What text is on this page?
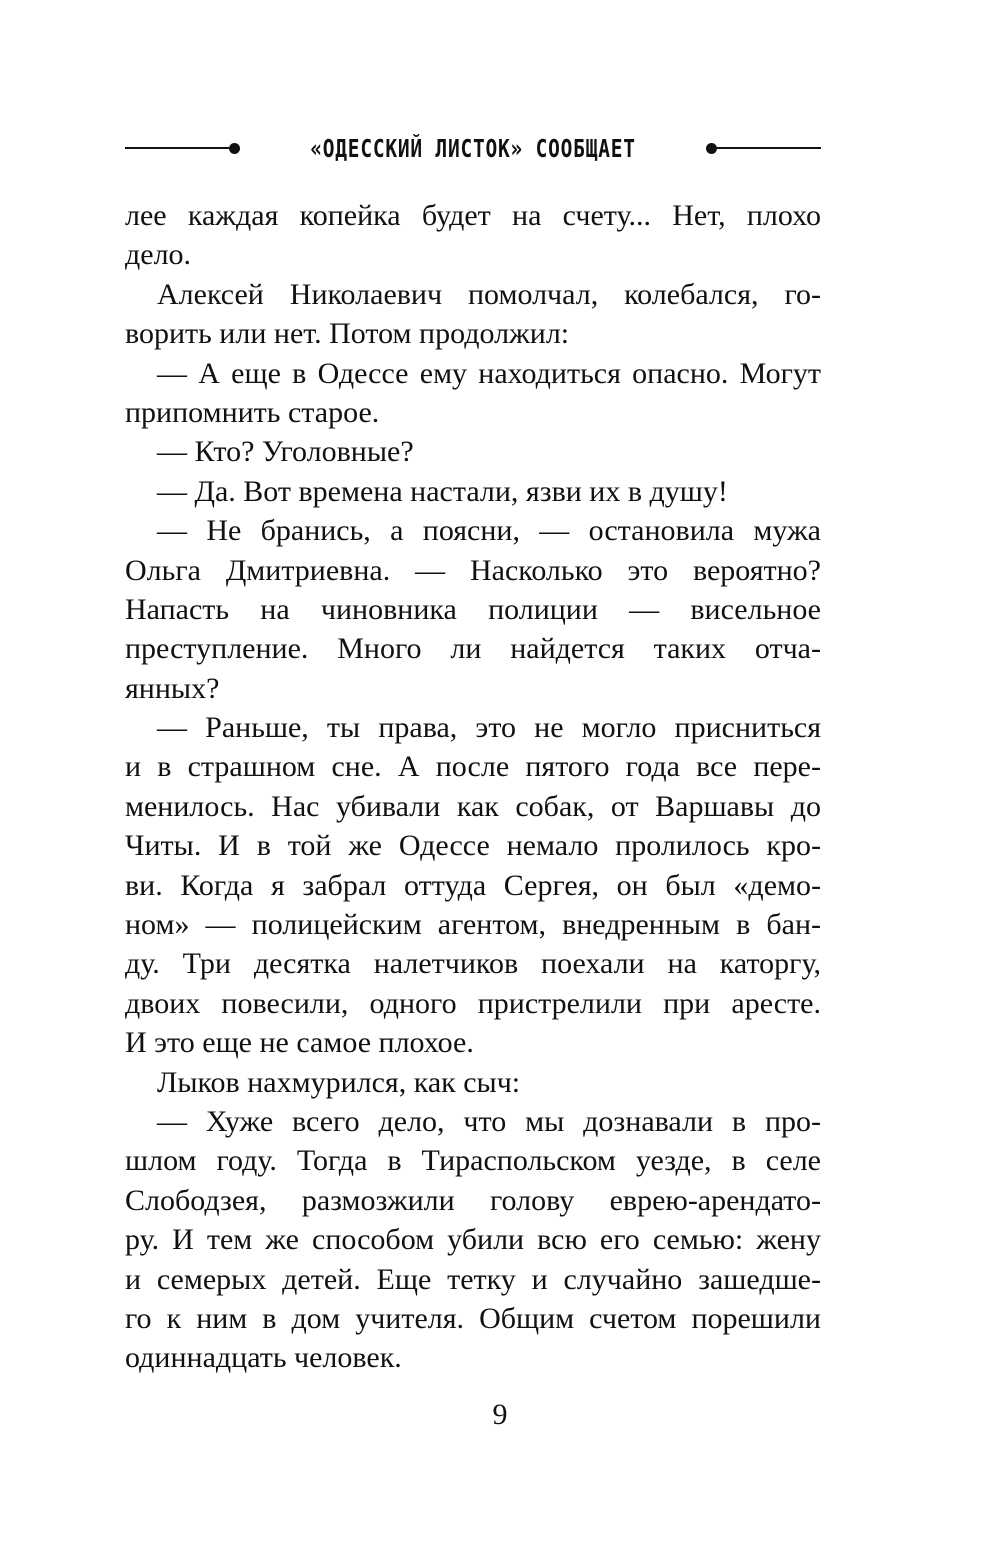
«ОДЕССКИЙ ЛИСТОК» СООБЩАЕТ
лее каждая копейка будет на счету... Нет, плохо
дело.
Алексей Николаевич помолчал, колебался, го-
ворить или нет. Потом продолжил:
— А еще в Одессе ему находиться опасно. Могут
припомнить старое.
— Кто? Уголовные?
— Да. Вот времена настали, язви их в душу!
— Не бранись, а поясни, — остановила мужа
Ольга Дмитриевна. — Насколько это вероятно?
Напасть на чиновника полиции — висельное
преступление. Много ли найдется таких отча-
янных?
— Раньше, ты права, это не могло присниться
и в страшном сне. А после пятого года все пере-
менилось. Нас убивали как собак, от Варшавы до
Читы. И в той же Одессе немало пролилось кро-
ви. Когда я забрал оттуда Сергея, он был «демо-
ном» — полицейским агентом, внедренным в бан-
ду. Три десятка налетчиков поехали на каторгу,
двоих повесили, одного пристрелили при аресте.
И это еще не самое плохое.
Лыков нахмурился, как сыч:
— Хуже всего дело, что мы дознавали в про-
шлом году. Тогда в Тираспольском уезде, в селе
Слободзея, размозжили голову еврею-арендато-
ру. И тем же способом убили всю его семью: жену
и семерых детей. Еще тетку и случайно зашедше-
го к ним в дом учителя. Общим счетом порешили
одиннадцать человек.
9
